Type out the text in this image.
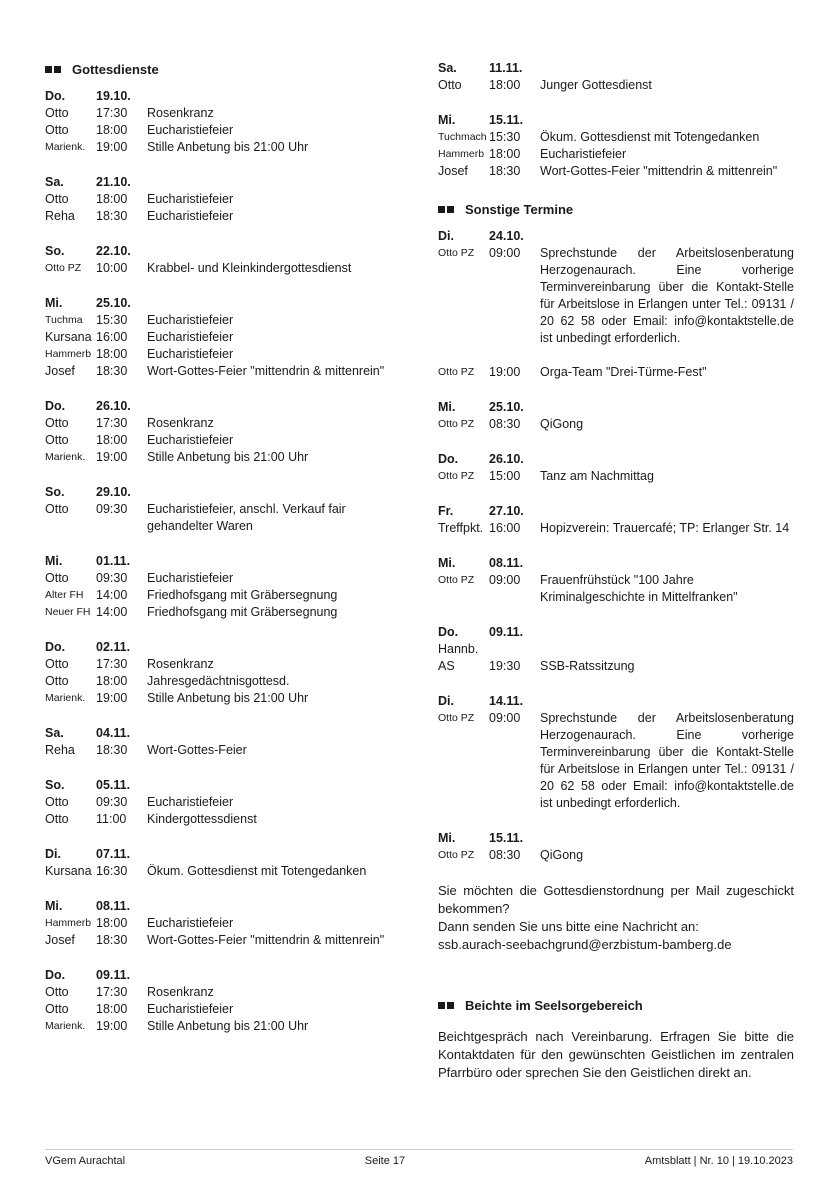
Gottesdienste
Do.	19.10.
Otto	17:30	Rosenkranz
Otto	18:00	Eucharistiefeier
Marienk. 19:00	Stille Anbetung bis 21:00 Uhr
Sa.	21.10.
Otto	18:00	Eucharistiefeier
Reha	18:30	Eucharistiefeier
So.	22.10.
Otto PZ	10:00	Krabbel- und Kleinkindergottesdienst
Mi.	25.10.
Tuchma	15:30	Eucharistiefeier
Kursana 16:00	Eucharistiefeier
Hammerb 18:00	Eucharistiefeier
Josef	18:30	Wort-Gottes-Feier "mittendrin & mittenrein"
Do.	26.10.
Otto	17:30	Rosenkranz
Otto	18:00	Eucharistiefeier
Marienk. 19:00	Stille Anbetung bis 21:00 Uhr
So.	29.10.
Otto	09:30	Eucharistiefeier, anschl. Verkauf fair gehandelter Waren
Mi.	01.11.
Otto	09:30	Eucharistiefeier
Alter FH 14:00	Friedhofsgang mit Gräbersegnung
Neuer FH 14:00	Friedhofsgang mit Gräbersegnung
Do.	02.11.
Otto	17:30	Rosenkranz
Otto	18:00	Jahresgedächtnisgottesd.
Marienk. 19:00	Stille Anbetung bis 21:00 Uhr
Sa.	04.11.
Reha	18:30	Wort-Gottes-Feier
So.	05.11.
Otto	09:30	Eucharistiefeier
Otto	11:00	Kindergottessdienst
Di.	07.11.
Kursana 16:30	Ökum. Gottesdienst mit Totengedanken
Mi.	08.11.
Hammerb 18:00	Eucharistiefeier
Josef	18:30	Wort-Gottes-Feier "mittendrin & mittenrein"
Do.	09.11.
Otto	17:30	Rosenkranz
Otto	18:00	Eucharistiefeier
Marienk. 19:00	Stille Anbetung bis 21:00 Uhr
Sa.	11.11.
Otto	18:00	Junger Gottesdienst
Mi.	15.11.
Tuchmach 15:30	Ökum. Gottesdienst mit Totengedanken
Hammerb 18:00	Eucharistiefeier
Josef	18:30	Wort-Gottes-Feier "mittendrin & mittenrein"
Sonstige Termine
Di.	24.10.
Otto PZ	09:00	Sprechstunde der Arbeitslosenberatung Herzogenaurach. Eine vorherige Terminvereinbarung über die Kontakt-Stelle für Arbeitslose in Erlangen unter Tel.: 09131 / 20 62 58 oder Email: info@kontaktstelle.de ist unbedingt erforderlich.
Otto PZ	19:00	Orga-Team "Drei-Türme-Fest"
Mi.	25.10.
Otto PZ	08:30	QiGong
Do.	26.10.
Otto PZ	15:00	Tanz am Nachmittag
Fr.	27.10.
Treffpkt. 16:00	Hopizverein: Trauercafé; TP: Erlanger Str. 14
Mi.	08.11.
Otto PZ	09:00	Frauenfrühstück "100 Jahre Kriminalgeschichte in Mittelfranken"
Do.	09.11.
Hannb.
AS	19:30	SSB-Ratssitzung
Di.	14.11.
Otto PZ	09:00	Sprechstunde der Arbeitslosenberatung Herzogenaurach. Eine vorherige Terminvereinbarung über die Kontakt-Stelle für Arbeitslose in Erlangen unter Tel.: 09131 / 20 62 58 oder Email: info@kontaktstelle.de ist unbedingt erforderlich.
Mi.	15.11.
Otto PZ	08:30	QiGong

Sie möchten die Gottesdienstordnung per Mail zugeschickt bekommen?

Dann senden Sie uns bitte eine Nachricht an:

ssb.aurach-seebachgrund@erzbistum-bamberg.de

Beichte im Seelsorgebereich

Beichtgespräch nach Vereinbarung. Erfragen Sie bitte die Kontaktdaten für den gewünschten Geistlichen im zentralen Pfarrbüro oder sprechen Sie den Geistlichen direkt an.

VGem Aurachtal	Seite 17	Amtsblatt | Nr. 10 | 19.10.2023
